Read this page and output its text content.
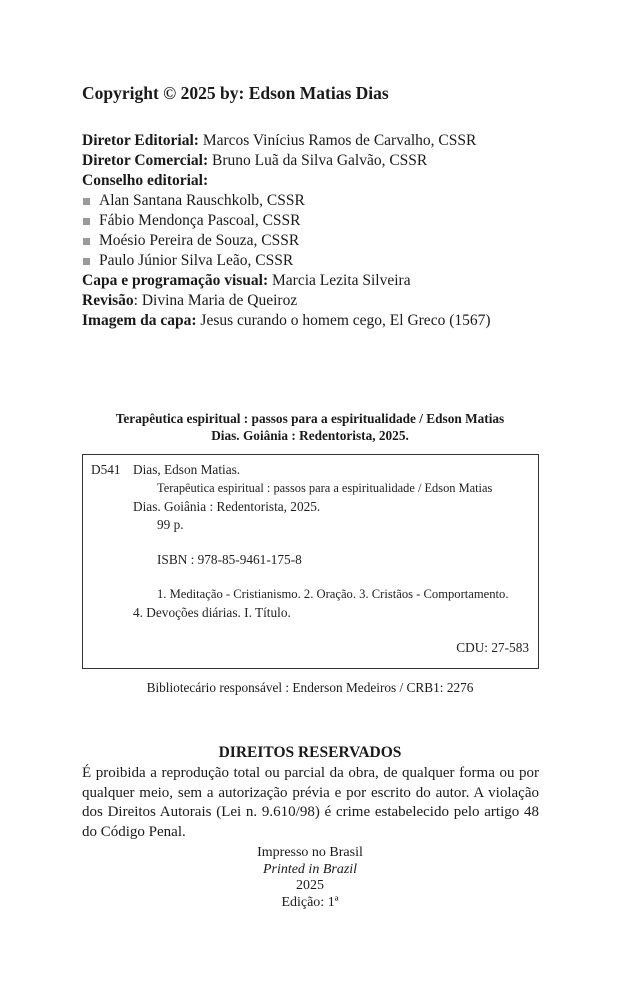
Copyright © 2025 by: Edson Matias Dias
Diretor Editorial: Marcos Vinícius Ramos de Carvalho, CSSR
Diretor Comercial: Bruno Luã da Silva Galvão, CSSR
Conselho editorial:
Alan Santana Rauschkolb, CSSR
Fábio Mendonça Pascoal, CSSR
Moésio Pereira de Souza, CSSR
Paulo Júnior Silva Leão, CSSR
Capa e programação visual: Marcia Lezita Silveira
Revisão: Divina Maria de Queiroz
Imagem da capa: Jesus curando o homem cego, El Greco (1567)
Terapêutica espiritual : passos para a espiritualidade / Edson Matias
Dias. Goiânia : Redentorista, 2025.
D541 Dias, Edson Matias.
Terapêutica espiritual : passos para a espiritualidade / Edson Matias
Dias. Goiânia : Redentorista, 2025.
99 p.
ISBN : 978-85-9461-175-8
1. Meditação - Cristianismo. 2. Oração. 3. Cristãos - Comportamento.
4. Devoções diárias. I. Título.
CDU: 27-583
Bibliotecário responsável : Enderson Medeiros / CRB1: 2276
DIREITOS RESERVADOS
É proibida a reprodução total ou parcial da obra, de qualquer forma ou por qualquer meio, sem a autorização prévia e por escrito do autor. A violação dos Direitos Autorais (Lei n. 9.610/98) é crime estabelecido pelo artigo 48 do Código Penal.
Impresso no Brasil
Printed in Brazil
2025
Edição: 1ª
